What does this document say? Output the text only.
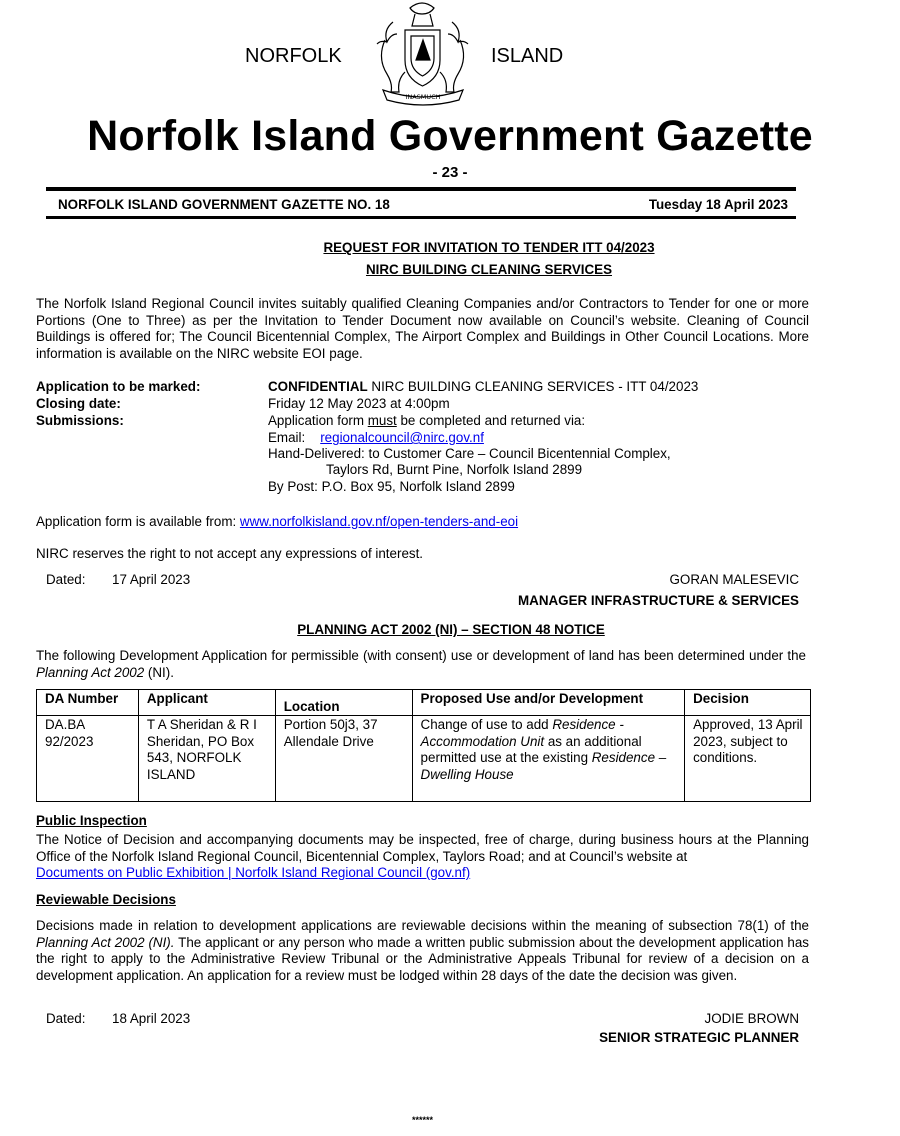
NORFOLK	ISLAND
INASMUCH
Norfolk Island Government Gazette
- 23 -
NORFOLK ISLAND GOVERNMENT GAZETTE NO. 18	Tuesday 18 April 2023
REQUEST FOR INVITATION TO TENDER ITT 04/2023
NIRC BUILDING CLEANING SERVICES
The Norfolk Island Regional Council invites suitably qualified Cleaning Companies and/or Contractors to Tender for one or more Portions (One to Three) as per the Invitation to Tender Document now available on Council’s website. Cleaning of Council Buildings is offered for; The Council Bicentennial Complex, The Airport Complex and Buildings in Other Council Locations. More information is available on the NIRC website EOI page.
Application to be marked:	CONFIDENTIAL NIRC BUILDING CLEANING SERVICES - ITT 04/2023
Closing date:	Friday 12 May 2023 at 4:00pm
Submissions:	Application form must be completed and returned via:
Email: regionalcouncil@nirc.gov.nf
Hand-Delivered: to Customer Care – Council Bicentennial Complex,
Taylors Rd, Burnt Pine, Norfolk Island 2899
By Post: P.O. Box 95, Norfolk Island 2899
Application form is available from: www.norfolkisland.gov.nf/open-tenders-and-eoi
NIRC reserves the right to not accept any expressions of interest.
Dated: 17 April 2023	GORAN MALESEVIC
MANAGER INFRASTRUCTURE & SERVICES
PLANNING ACT 2002 (NI) – SECTION 48 NOTICE
The following Development Application for permissible (with consent) use or development of land has been determined under the Planning Act 2002 (NI).
DA Number	Applicant	Location	Proposed Use and/or Development	Decision
DA.BA 92/2023	T A Sheridan & R I Sheridan, PO Box 543, NORFOLK ISLAND	Portion 50j3, 37 Allendale Drive	Change of use to add Residence - Accommodation Unit as an additional permitted use at the existing Residence – Dwelling House	Approved, 13 April 2023, subject to conditions.
Public Inspection
The Notice of Decision and accompanying documents may be inspected, free of charge, during business hours at the Planning Office of the Norfolk Island Regional Council, Bicentennial Complex, Taylors Road; and at Council’s website at
Documents on Public Exhibition | Norfolk Island Regional Council (gov.nf)
Reviewable Decisions
Decisions made in relation to development applications are reviewable decisions within the meaning of subsection 78(1) of the Planning Act 2002 (NI). The applicant or any person who made a written public submission about the development application has the right to apply to the Administrative Review Tribunal or the Administrative Appeals Tribunal for review of a decision on a development application. An application for a review must be lodged within 28 days of the date the decision was given.
Dated: 18 April 2023	JODIE BROWN
SENIOR STRATEGIC PLANNER
******
